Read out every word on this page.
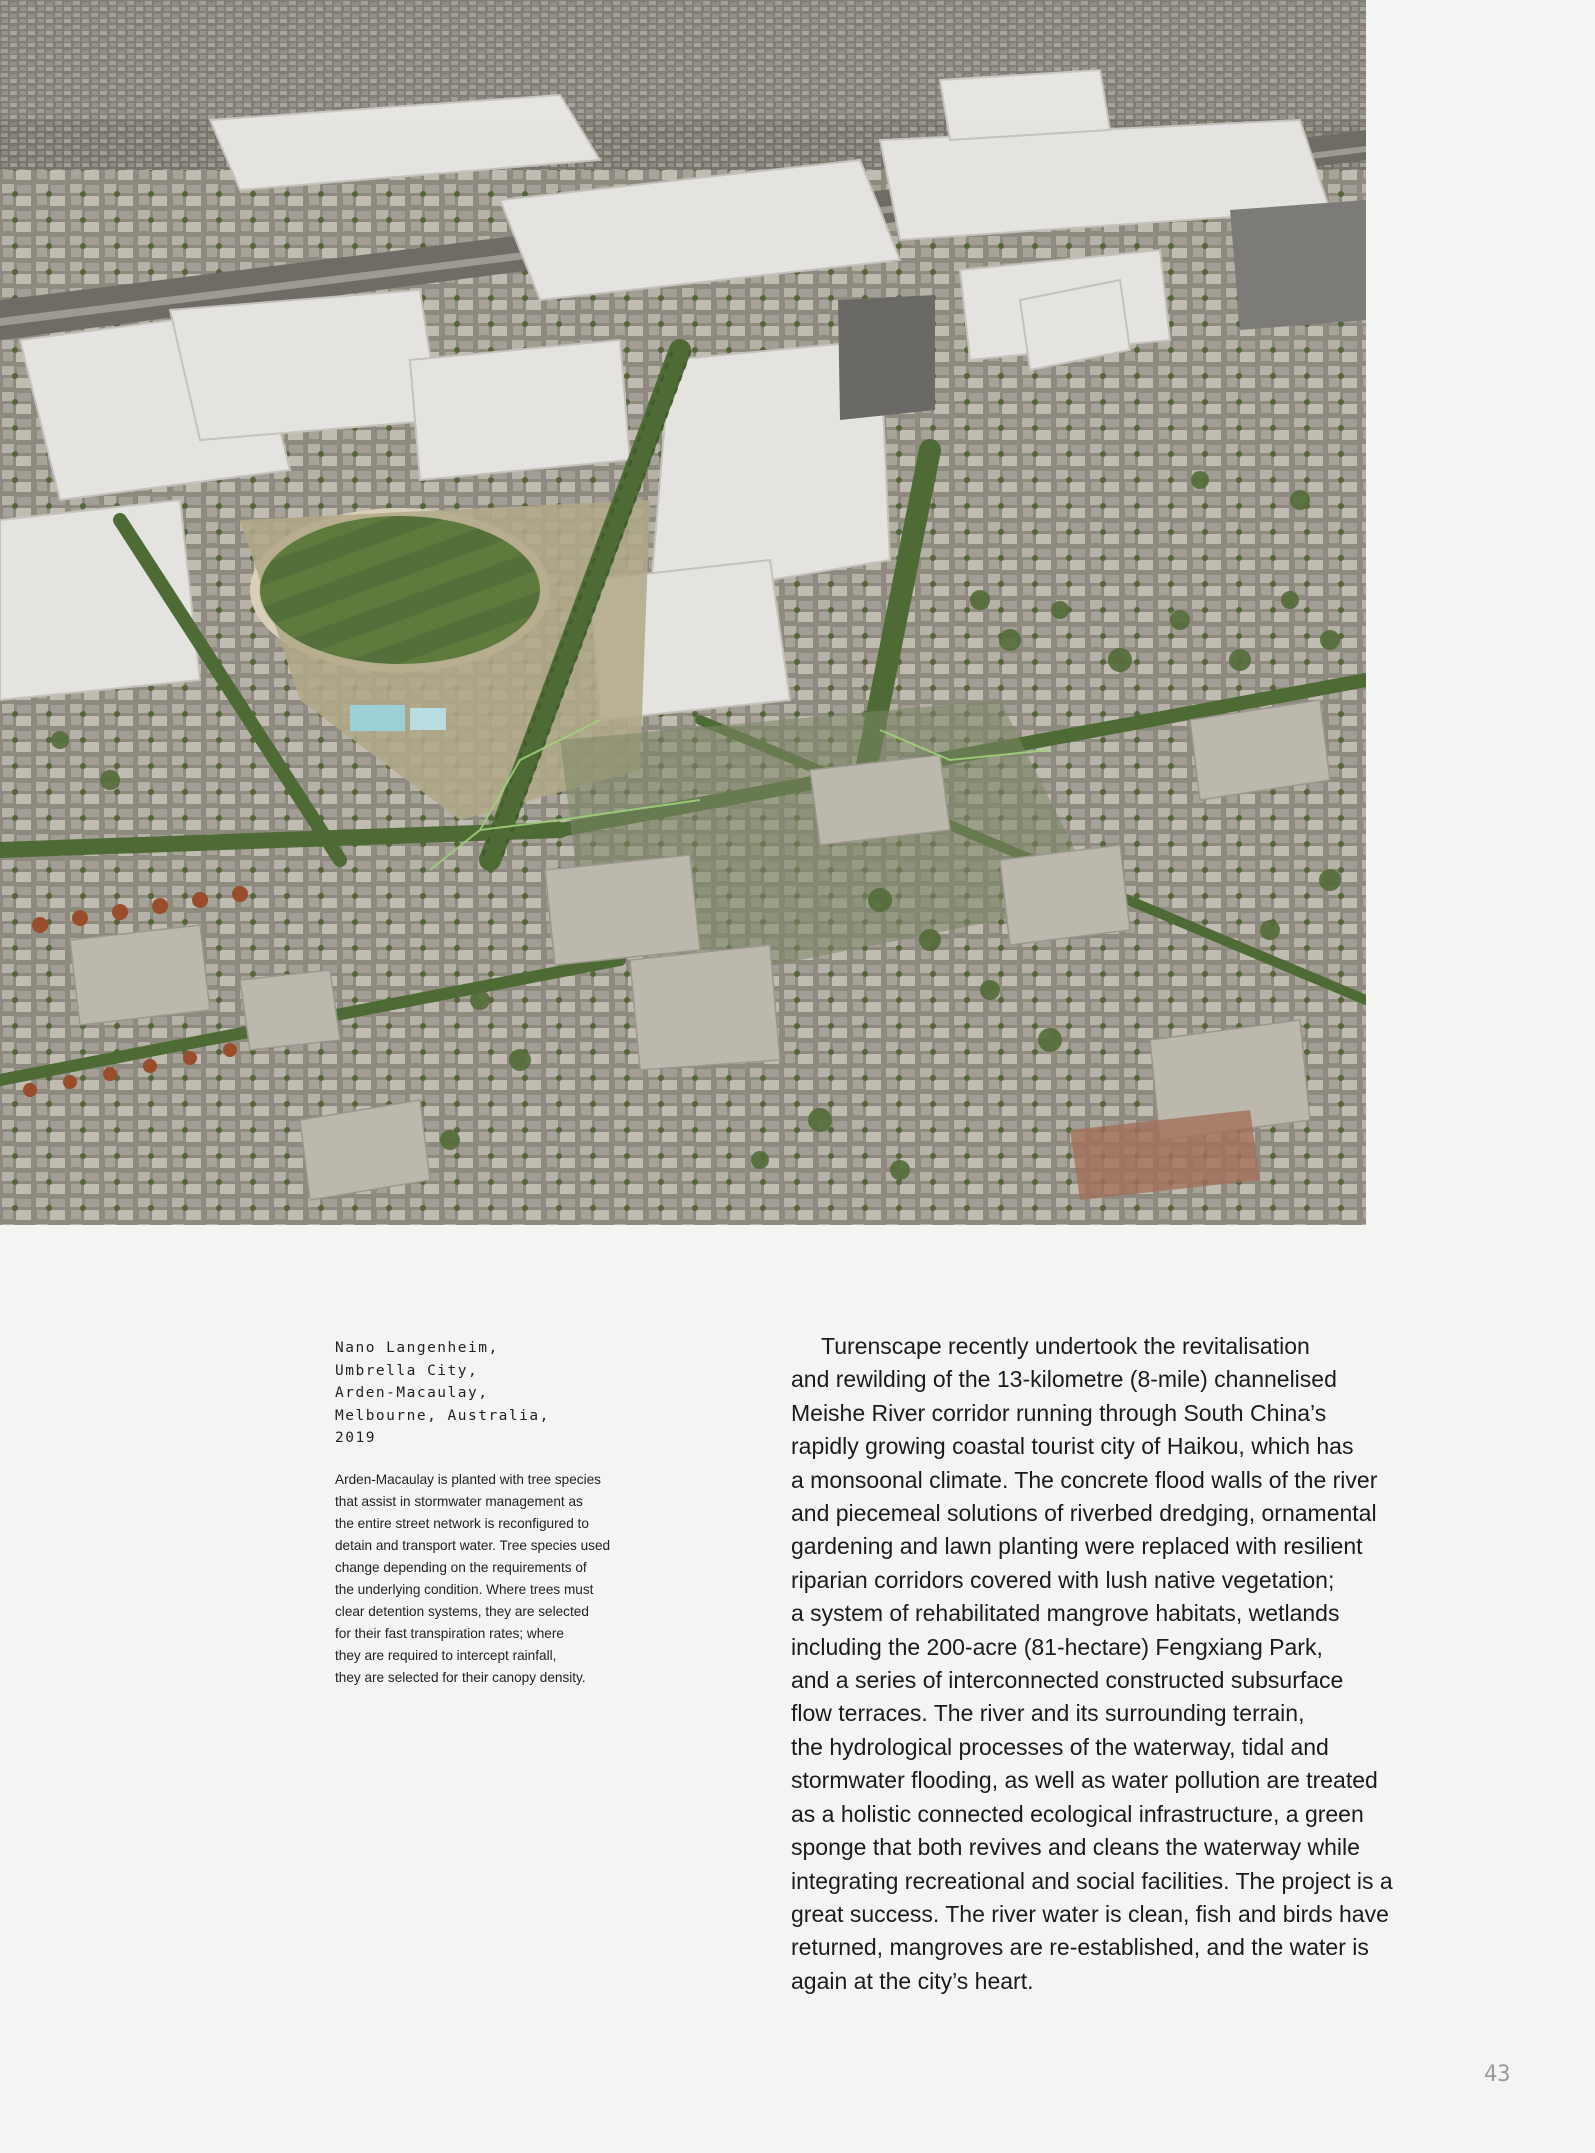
Nano Langenheim,
Umbrella City,
Arden-Macaulay,
Melbourne, Australia,
2019
Arden-Macaulay is planted with tree species
that assist in stormwater management as
the entire street network is reconfigured to
detain and transport water. Tree species used
change depending on the requirements of
the underlying condition. Where trees must
clear detention systems, they are selected
for their fast transpiration rates; where
they are required to intercept rainfall,
they are selected for their canopy density.
Turenscape recently undertook the revitalisation
and rewilding of the 13-kilometre (8-mile) channelised
Meishe River corridor running through South China’s
rapidly growing coastal tourist city of Haikou, which has
a monsoonal climate. The concrete flood walls of the river
and piecemeal solutions of riverbed dredging, ornamental
gardening and lawn planting were replaced with resilient
riparian corridors covered with lush native vegetation;
a system of rehabilitated mangrove habitats, wetlands
including the 200-acre (81-hectare) Fengxiang Park,
and a series of interconnected constructed subsurface
flow terraces. The river and its surrounding terrain,
the hydrological processes of the waterway, tidal and
stormwater flooding, as well as water pollution are treated
as a holistic connected ecological infrastructure, a green
sponge that both revives and cleans the waterway while
integrating recreational and social facilities. The project is a
great success. The river water is clean, fish and birds have
returned, mangroves are re-established, and the water is
again at the city’s heart.
43
